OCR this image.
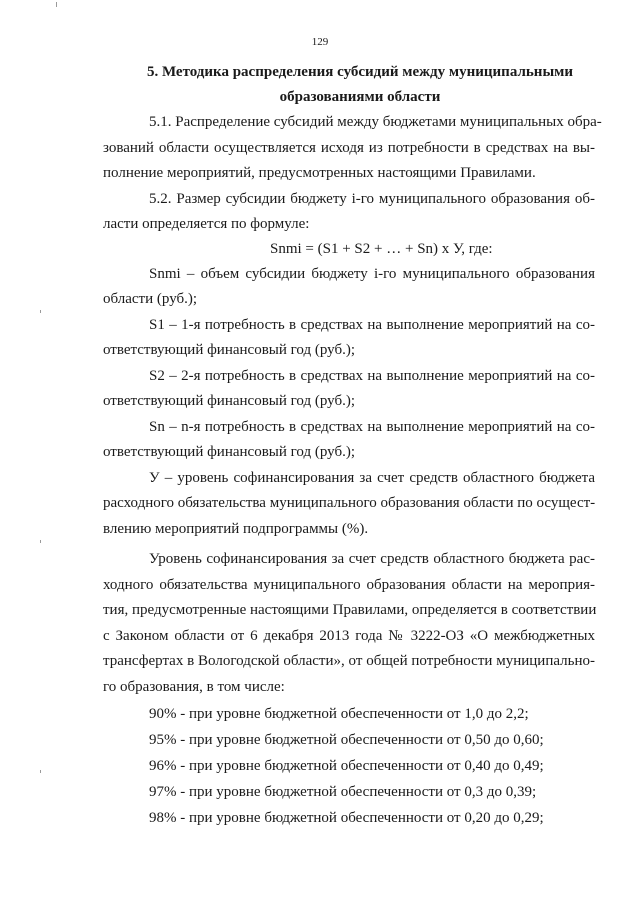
129
5. Методика распределения субсидий между муниципальными
образованиями области
5.1. Распределение субсидий между бюджетами муниципальных обра-
зований области осуществляется исходя из потребности в средствах на вы-
полнение мероприятий, предусмотренных настоящими Правилами.
5.2. Размер субсидии бюджету i-го муниципального образования об-
ласти определяется по формуле:
Snmi = (S1 + S2 + … + Sn) х У, где:
Snmi – объем субсидии бюджету i-го муниципального образования
области (руб.);
S1 – 1-я потребность в средствах на выполнение мероприятий на со-
ответствующий финансовый год (руб.);
S2 – 2-я потребность в средствах на выполнение мероприятий на со-
ответствующий финансовый год (руб.);
Sn – n-я потребность в средствах на выполнение мероприятий на со-
ответствующий финансовый год (руб.);
У – уровень софинансирования за счет средств областного бюджета
расходного обязательства муниципального образования области по осущест-
влению мероприятий подпрограммы (%).
Уровень софинансирования за счет средств областного бюджета рас-
ходного обязательства муниципального образования области на мероприя-
тия, предусмотренные настоящими Правилами, определяется в соответствии
с Законом области от 6 декабря 2013 года № 3222-ОЗ «О межбюджетных
трансфертах в Вологодской области», от общей потребности муниципально-
го образования, в том числе:
90% - при уровне бюджетной обеспеченности от 1,0 до 2,2;
95% - при уровне бюджетной обеспеченности от 0,50 до 0,60;
96% - при уровне бюджетной обеспеченности от 0,40 до 0,49;
97% - при уровне бюджетной обеспеченности от 0,3 до 0,39;
98% - при уровне бюджетной обеспеченности от 0,20 до 0,29;
